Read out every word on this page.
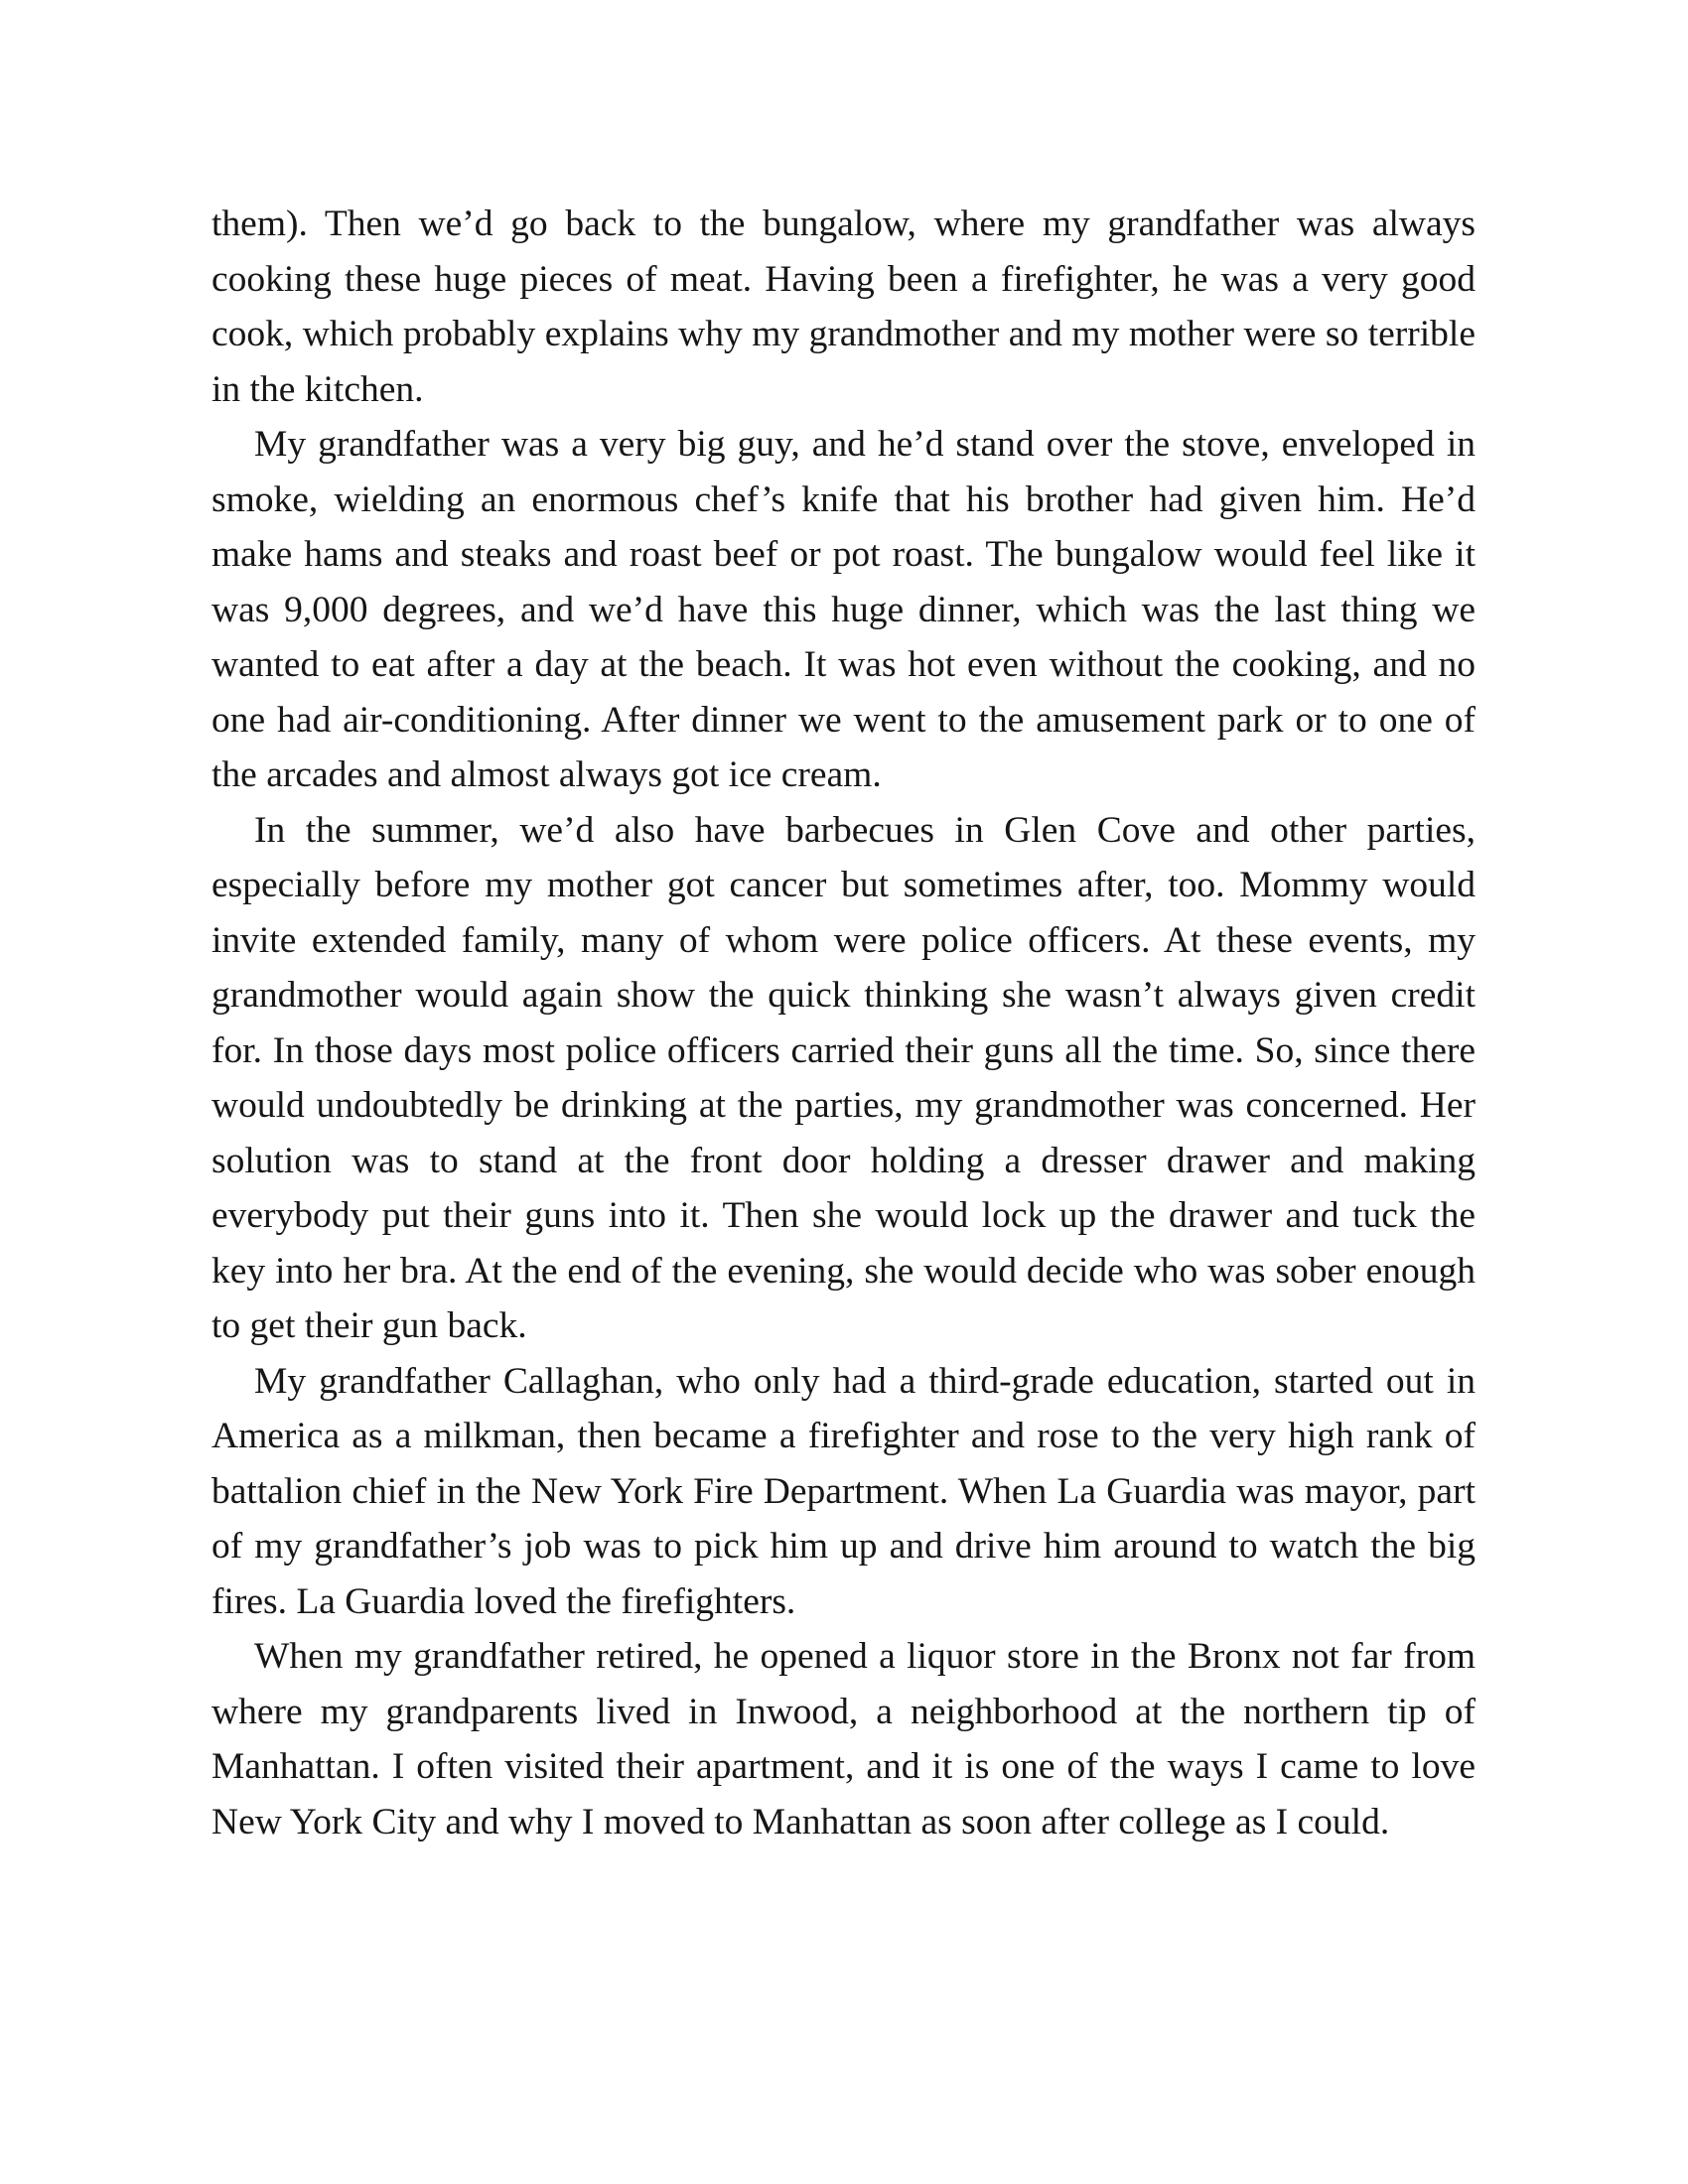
them). Then we’d go back to the bungalow, where my grandfather was always cooking these huge pieces of meat. Having been a firefighter, he was a very good cook, which probably explains why my grandmother and my mother were so terrible in the kitchen.

My grandfather was a very big guy, and he’d stand over the stove, enveloped in smoke, wielding an enormous chef’s knife that his brother had given him. He’d make hams and steaks and roast beef or pot roast. The bungalow would feel like it was 9,000 degrees, and we’d have this huge dinner, which was the last thing we wanted to eat after a day at the beach. It was hot even without the cooking, and no one had air-conditioning. After dinner we went to the amusement park or to one of the arcades and almost always got ice cream.

In the summer, we’d also have barbecues in Glen Cove and other parties, especially before my mother got cancer but sometimes after, too. Mommy would invite extended family, many of whom were police officers. At these events, my grandmother would again show the quick thinking she wasn’t always given credit for. In those days most police officers carried their guns all the time. So, since there would undoubtedly be drinking at the parties, my grandmother was concerned. Her solution was to stand at the front door holding a dresser drawer and making everybody put their guns into it. Then she would lock up the drawer and tuck the key into her bra. At the end of the evening, she would decide who was sober enough to get their gun back.

My grandfather Callaghan, who only had a third-grade education, started out in America as a milkman, then became a firefighter and rose to the very high rank of battalion chief in the New York Fire Department. When La Guardia was mayor, part of my grandfather’s job was to pick him up and drive him around to watch the big fires. La Guardia loved the firefighters.

When my grandfather retired, he opened a liquor store in the Bronx not far from where my grandparents lived in Inwood, a neighborhood at the northern tip of Manhattan. I often visited their apartment, and it is one of the ways I came to love New York City and why I moved to Manhattan as soon after college as I could.
